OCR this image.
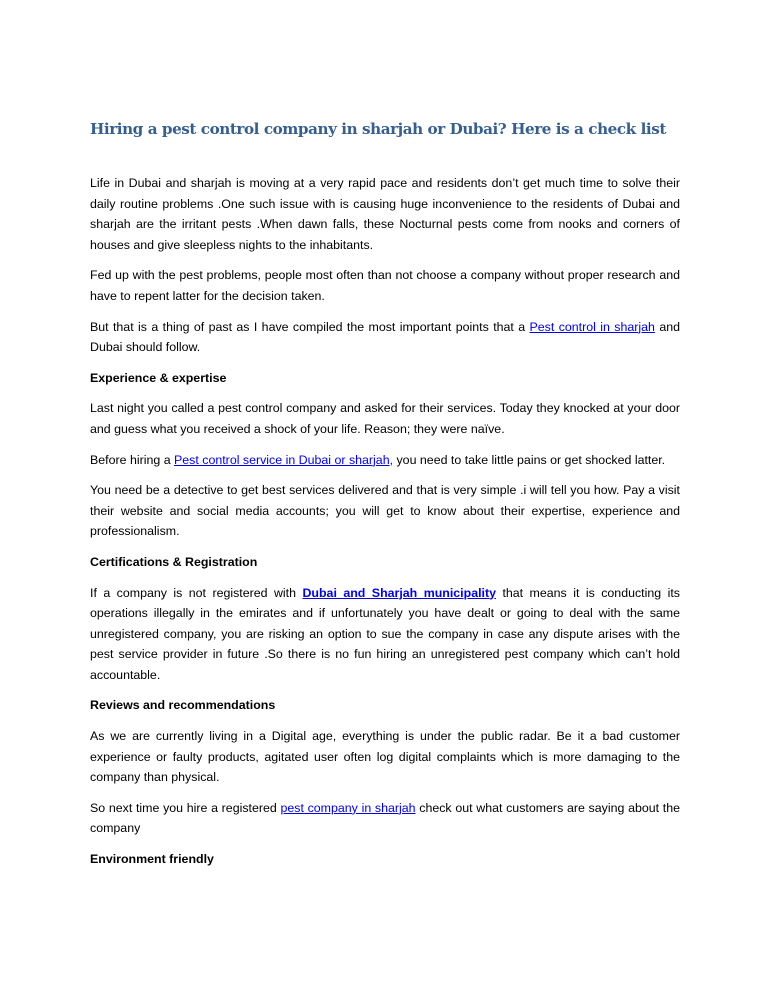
Hiring a pest control company in sharjah or Dubai? Here is a check list

Life in Dubai and sharjah is moving at a very rapid pace and residents don’t get much time to solve their daily routine problems .One such issue with is causing huge inconvenience to the residents of Dubai and sharjah are the irritant pests .When dawn falls, these Nocturnal pests come from nooks and corners of houses and give sleepless nights to the inhabitants.

Fed up with the pest problems, people most often than not choose a company without proper research and have to repent latter for the decision taken.

But that is a thing of past as I have compiled the most important points that a Pest control in sharjah and Dubai should follow.

Experience & expertise

Last night you called a pest control company and asked for their services. Today they knocked at your door and guess what you received a shock of your life. Reason; they were naïve.

Before hiring a Pest control service in Dubai or sharjah, you need to take little pains or get shocked latter.

You need be a detective to get best services delivered and that is very simple .i will tell you how. Pay a visit their website and social media accounts; you will get to know about their expertise, experience and professionalism.

Certifications & Registration

If a company is not registered with Dubai and Sharjah municipality that means it is conducting its operations illegally in the emirates and if unfortunately you have dealt or going to deal with the same unregistered company, you are risking an option to sue the company in case any dispute arises with the pest service provider in future .So there is no fun hiring an unregistered pest company which can’t hold accountable.

Reviews and recommendations

As we are currently living in a Digital age, everything is under the public radar. Be it a bad customer experience or faulty products, agitated user often log digital complaints which is more damaging to the company than physical.

So next time you hire a registered pest company in sharjah check out what customers are saying about the company

Environment friendly
